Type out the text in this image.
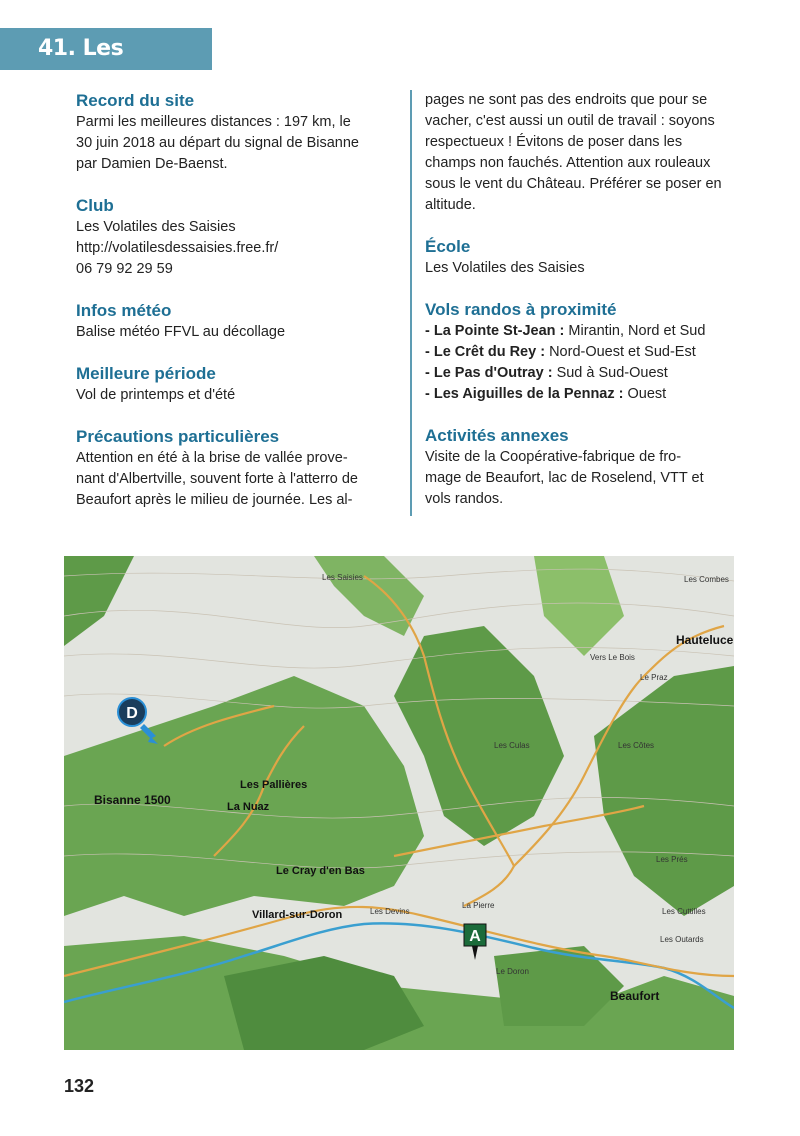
41. Les Saisies
Record du site
Parmi les meilleures distances : 197 km, le
30 juin 2018 au départ du signal de Bisanne
par Damien De-Baenst.
Club
Les Volatiles des Saisies
http://volatilesdessaisies.free.fr/
06 79 92 29 59
Infos météo
Balise météo FFVL au décollage
Meilleure période
Vol de printemps et d'été
Précautions particulières
Attention en été à la brise de vallée prove-
nant d'Albertville, souvent forte à l'atterro de
Beaufort après le milieu de journée. Les al-
pages ne sont pas des endroits que pour se
vacher, c'est aussi un outil de travail : soyons
respectueux ! Évitons de poser dans les
champs non fauchés. Attention aux rouleaux
sous le vent du Château. Préférer se poser en
altitude.
École
Les Volatiles des Saisies
Vols randos à proximité
- La Pointe St-Jean : Mirantin, Nord et Sud
- Le Crêt du Rey : Nord-Ouest et Sud-Est
- Le Pas d'Outray : Sud à Sud-Ouest
- Les Aiguilles de la Pennaz : Ouest
Activités annexes
Visite de la Coopérative-fabrique de fro-
mage de Beaufort, lac de Roselend, VTT et
vols randos.
D
A
Bisanne 1500
Les Pallières
La Nuaz
Le Cray d'en Bas
Villard-sur-Doron
Hauteluce
Beaufort
Les Saisies	Les Combes
Vers Le Bois
Le Praz
Les Culas	Les Côtes
Les Prés
Les Devins
La Pierre
Les Cuttilles
Les Outards
Le Doron
132
